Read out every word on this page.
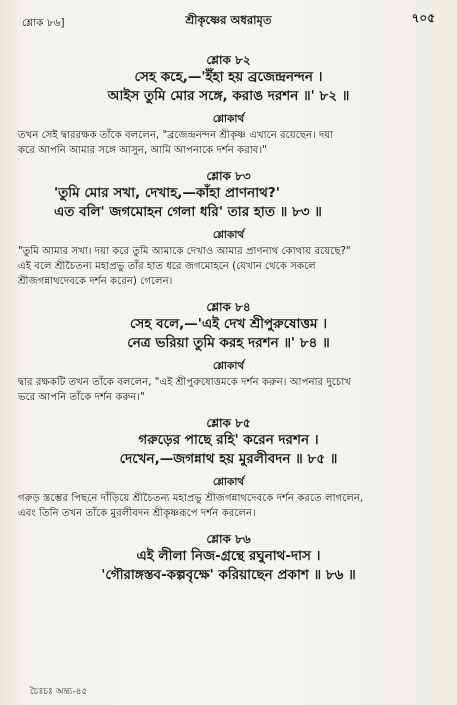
শ্লোক ৮৬]	শ্রীকৃষ্ণের অধরামৃত	৭০৫

শ্লোক ৮২

সেহ কহে,—'ইঁহা হয় ব্রজেন্দ্রনন্দন ।

আইস তুমি মোর সঙ্গে, করাঙ দরশন ॥' ৮২ ॥

শ্লোকার্থ

তখন সেই দ্বাররক্ষক তাঁকে বললেন, "ব্রজেন্দ্রনন্দন শ্রীকৃষ্ণ এখানে রয়েছেন। দয়া

করে আপনি আমার সঙ্গে আসুন, আমি আপনাকে দর্শন করাব।"

শ্লোক ৮৩

'তুমি মোর সখা, দেখাহ,—কাঁহা প্রাণনাথ?'

এত বলি' জগমোহন গেলা ধরি' তার হাত ॥ ৮৩ ॥

শ্লোকার্থ

"তুমি আমার সখা। দয়া করে তুমি আমাকে দেখাও আমার প্রাণনাথ কোথায় রয়েছে?"

এই বলে শ্রীচৈতন্য মহাপ্রভু তাঁর হাত ধরে জগমোহনে (যেখান থেকে সকলে

শ্রীজগন্নাথদেবকে দর্শন করেন) গেলেন।

শ্লোক ৮৪

সেহ বলে,—'এই দেখ শ্রীপুরুষোত্তম ।

নেত্র ভরিয়া তুমি করহ দরশন ॥' ৮৪ ॥

শ্লোকার্থ

দ্বার রক্ষকটি তখন তাঁকে বললেন, "এই শ্রীপুরুষোত্তমকে দর্শন করুন। আপনার দুচোখ

ভরে আপনি তাঁকে দর্শন করুন।"

শ্লোক ৮৫

গরুড়ের পাছে রহি' করেন দরশন ।

দেখেন,—জগন্নাথ হয় মুরলীবদন ॥ ৮৫ ॥

শ্লোকার্থ

গরুড় স্তম্ভের পিছনে দাঁড়িয়ে শ্রীচৈতন্য মহাপ্রভু শ্রীজগন্নাথদেবকে দর্শন করতে লাগলেন,

এবং তিনি তখন তাঁকে মুরলীবদন শ্রীকৃষ্ণরূপে দর্শন করলেন।

শ্লোক ৮৬

এই লীলা নিজ-গ্রন্থে রঘুনাথ-দাস ।

'গৌরাঙ্গস্তব-কল্পবৃক্ষে' করিয়াছেন প্রকাশ ॥ ৮৬ ॥

চৈঃচঃ অন্ত্য-৪৫
